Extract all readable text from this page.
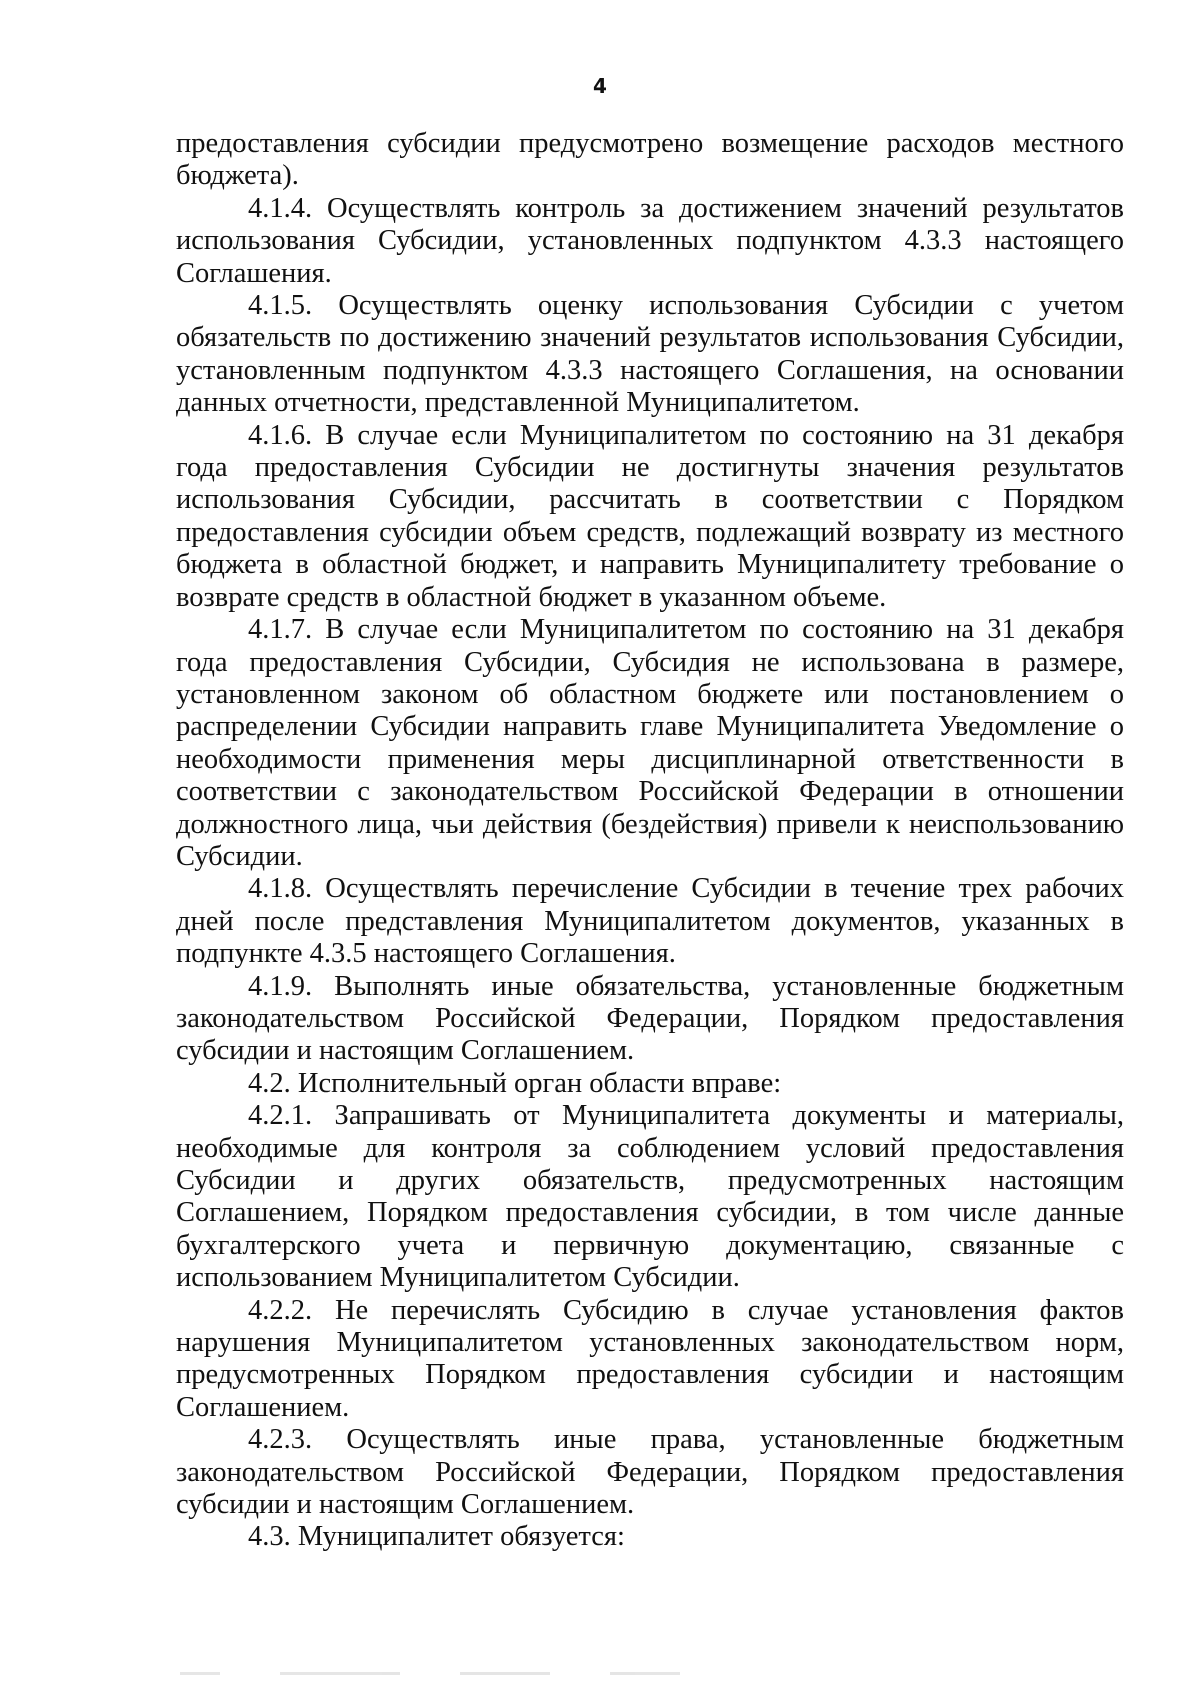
4

предоставления субсидии предусмотрено возмещение расходов местного бюджета).

4.1.4. Осуществлять контроль за достижением значений результатов использования Субсидии, установленных подпунктом 4.3.3 настоящего Соглашения.

4.1.5. Осуществлять оценку использования Субсидии с учетом обязательств по достижению значений результатов использования Субсидии, установленным подпунктом 4.3.3 настоящего Соглашения, на основании данных отчетности, представленной Муниципалитетом.

4.1.6. В случае если Муниципалитетом по состоянию на 31 декабря года предоставления Субсидии не достигнуты значения результатов использования Субсидии, рассчитать в соответствии с Порядком предоставления субсидии объем средств, подлежащий возврату из местного бюджета в областной бюджет, и направить Муниципалитету требование о возврате средств в областной бюджет в указанном объеме.

4.1.7. В случае если Муниципалитетом по состоянию на 31 декабря года предоставления Субсидии, Субсидия не использована в размере, установленном законом об областном бюджете или постановлением о распределении Субсидии направить главе Муниципалитета Уведомление о необходимости применения меры дисциплинарной ответственности в соответствии с законодательством Российской Федерации в отношении должностного лица, чьи действия (бездействия) привели к неиспользованию Субсидии.

4.1.8. Осуществлять перечисление Субсидии в течение трех рабочих дней после представления Муниципалитетом документов, указанных в подпункте 4.3.5 настоящего Соглашения.

4.1.9. Выполнять иные обязательства, установленные бюджетным законодательством Российской Федерации, Порядком предоставления субсидии и настоящим Соглашением.

4.2. Исполнительный орган области вправе:

4.2.1. Запрашивать от Муниципалитета документы и материалы, необходимые для контроля за соблюдением условий предоставления Субсидии и других обязательств, предусмотренных настоящим Соглашением, Порядком предоставления субсидии, в том числе данные бухгалтерского учета и первичную документацию, связанные с использованием Муниципалитетом Субсидии.

4.2.2. Не перечислять Субсидию в случае установления фактов нарушения Муниципалитетом установленных законодательством норм, предусмотренных Порядком предоставления субсидии и настоящим Соглашением.

4.2.3. Осуществлять иные права, установленные бюджетным законодательством Российской Федерации, Порядком предоставления субсидии и настоящим Соглашением.

4.3. Муниципалитет обязуется:
